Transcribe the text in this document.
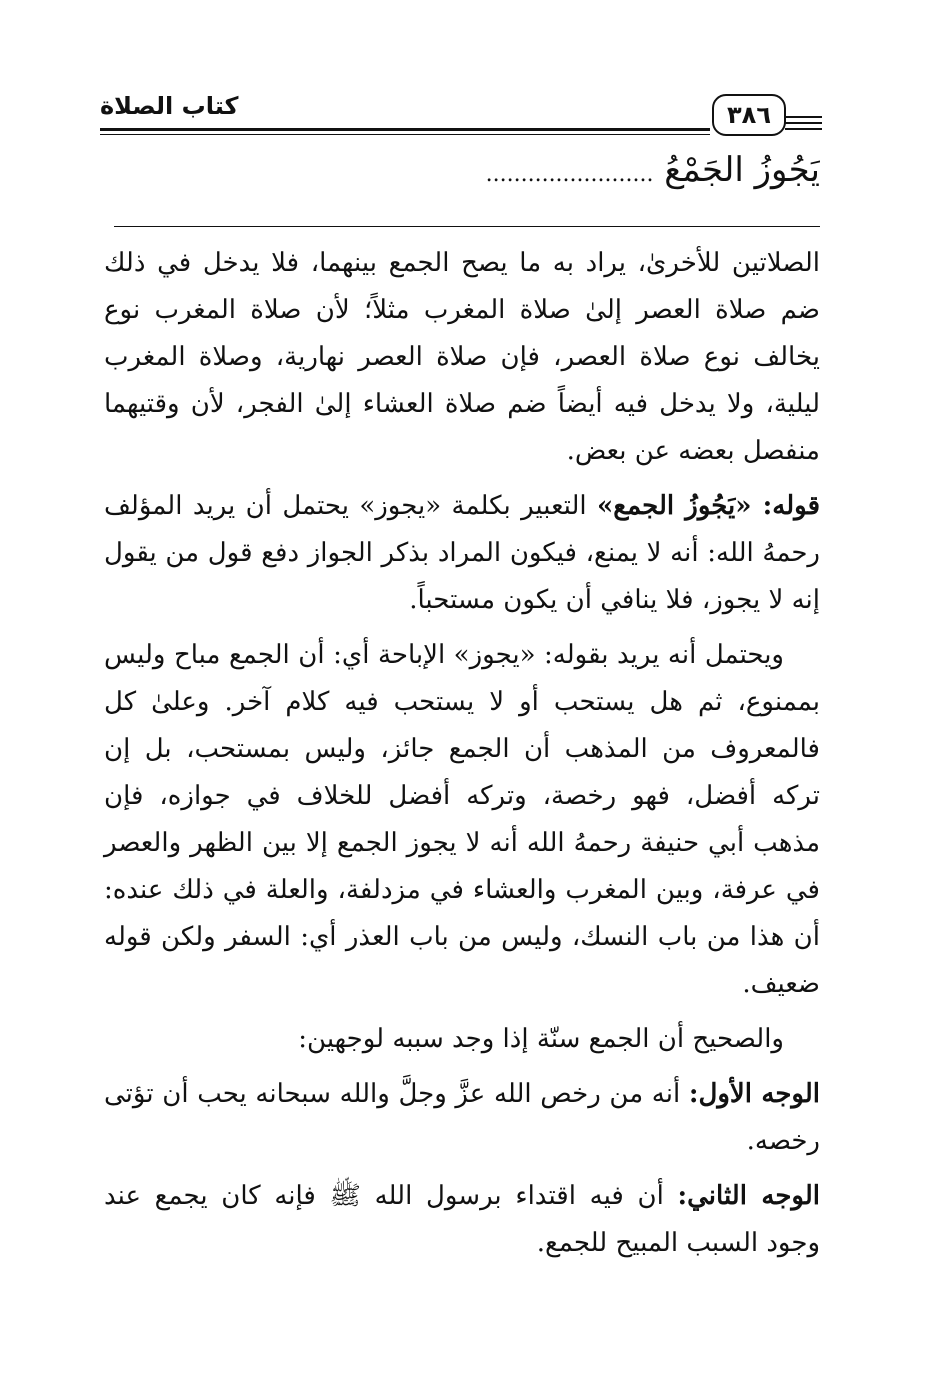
كتاب الصلاة	٣٨٦
يَجُوزُ الجَمْعُ ........................

الصلاتين للأخرىٰ، يراد به ما يصح الجمع بينهما، فلا يدخل في ذلك ضم صلاة العصر إلىٰ صلاة المغرب مثلاً؛ لأن صلاة المغرب نوع يخالف نوع صلاة العصر، فإن صلاة العصر نهارية، وصلاة المغرب ليلية، ولا يدخل فيه أيضاً ضم صلاة العشاء إلىٰ الفجر، لأن وقتيهما منفصل بعضه عن بعض.

قوله: «يَجُوزُ الجمع» التعبير بكلمة «يجوز» يحتمل أن يريد المؤلف رحمهُ الله: أنه لا يمنع، فيكون المراد بذكر الجواز دفع قول من يقول إنه لا يجوز، فلا ينافي أن يكون مستحباً.

ويحتمل أنه يريد بقوله: «يجوز» الإباحة أي: أن الجمع مباح وليس بممنوع، ثم هل يستحب أو لا يستحب فيه كلام آخر. وعلىٰ كل فالمعروف من المذهب أن الجمع جائز، وليس بمستحب، بل إن تركه أفضل، فهو رخصة، وتركه أفضل للخلاف في جوازه، فإن مذهب أبي حنيفة رحمهُ الله أنه لا يجوز الجمع إلا بين الظهر والعصر في عرفة، وبين المغرب والعشاء في مزدلفة، والعلة في ذلك عنده: أن هذا من باب النسك، وليس من باب العذر أي: السفر ولكن قوله ضعيف.

والصحيح أن الجمع سنّة إذا وجد سببه لوجهين:

الوجه الأول: أنه من رخص الله عزَّ وجلَّ والله سبحانه يحب أن تؤتى رخصه.

الوجه الثاني: أن فيه اقتداء برسول الله ﷺ فإنه كان يجمع عند وجود السبب المبيح للجمع.
